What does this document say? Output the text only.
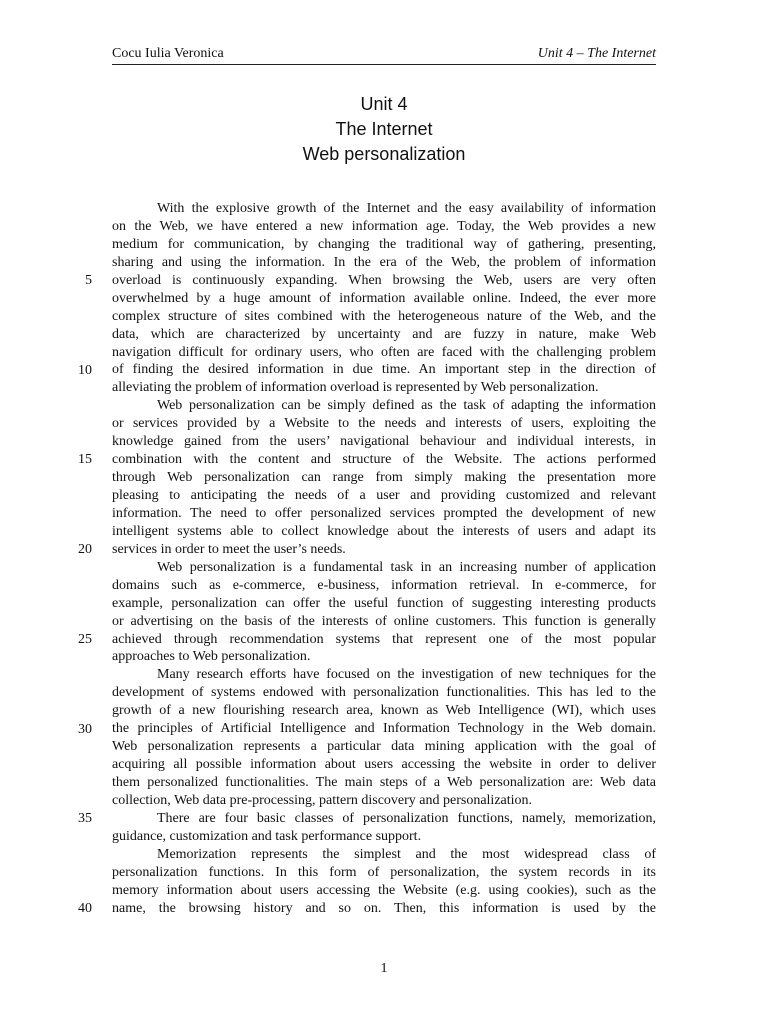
Cocu Iulia Veronica	Unit 4 – The Internet
Unit 4
The Internet
Web personalization
With the explosive growth of the Internet and the easy availability of information
on the Web, we have entered a new information age. Today, the Web provides a new
medium for communication, by changing the traditional way of gathering, presenting,
sharing and using the information. In the era of the Web, the problem of information
overload is continuously expanding. When browsing the Web, users are very often
overwhelmed by a huge amount of information available online. Indeed, the ever more
complex structure of sites combined with the heterogeneous nature of the Web, and the
data, which are characterized by uncertainty and are fuzzy in nature, make Web
navigation difficult for ordinary users, who often are faced with the challenging problem
of finding the desired information in due time. An important step in the direction of
alleviating the problem of information overload is represented by Web personalization.
Web personalization can be simply defined as the task of adapting the information
or services provided by a Website to the needs and interests of users, exploiting the
knowledge gained from the users’ navigational behaviour and individual interests, in
combination with the content and structure of the Website. The actions performed
through Web personalization can range from simply making the presentation more
pleasing to anticipating the needs of a user and providing customized and relevant
information. The need to offer personalized services prompted the development of new
intelligent systems able to collect knowledge about the interests of users and adapt its
services in order to meet the user’s needs.
Web personalization is a fundamental task in an increasing number of application
domains such as e-commerce, e-business, information retrieval. In e-commerce, for
example, personalization can offer the useful function of suggesting interesting products
or advertising on the basis of the interests of online customers. This function is generally
achieved through recommendation systems that represent one of the most popular
approaches to Web personalization.
Many research efforts have focused on the investigation of new techniques for the
development of systems endowed with personalization functionalities. This has led to the
growth of a new flourishing research area, known as Web Intelligence (WI), which uses
the principles of Artificial Intelligence and Information Technology in the Web domain.
Web personalization represents a particular data mining application with the goal of
acquiring all possible information about users accessing the website in order to deliver
them personalized functionalities. The main steps of a Web personalization are: Web data
collection, Web data pre-processing, pattern discovery and personalization.
There are four basic classes of personalization functions, namely, memorization,
guidance, customization and task performance support.
Memorization represents the simplest and the most widespread class of
personalization functions. In this form of personalization, the system records in its
memory information about users accessing the Website (e.g. using cookies), such as the
name, the browsing history and so on. Then, this information is used by the
1
5
10
15
20
25
30
35
40
